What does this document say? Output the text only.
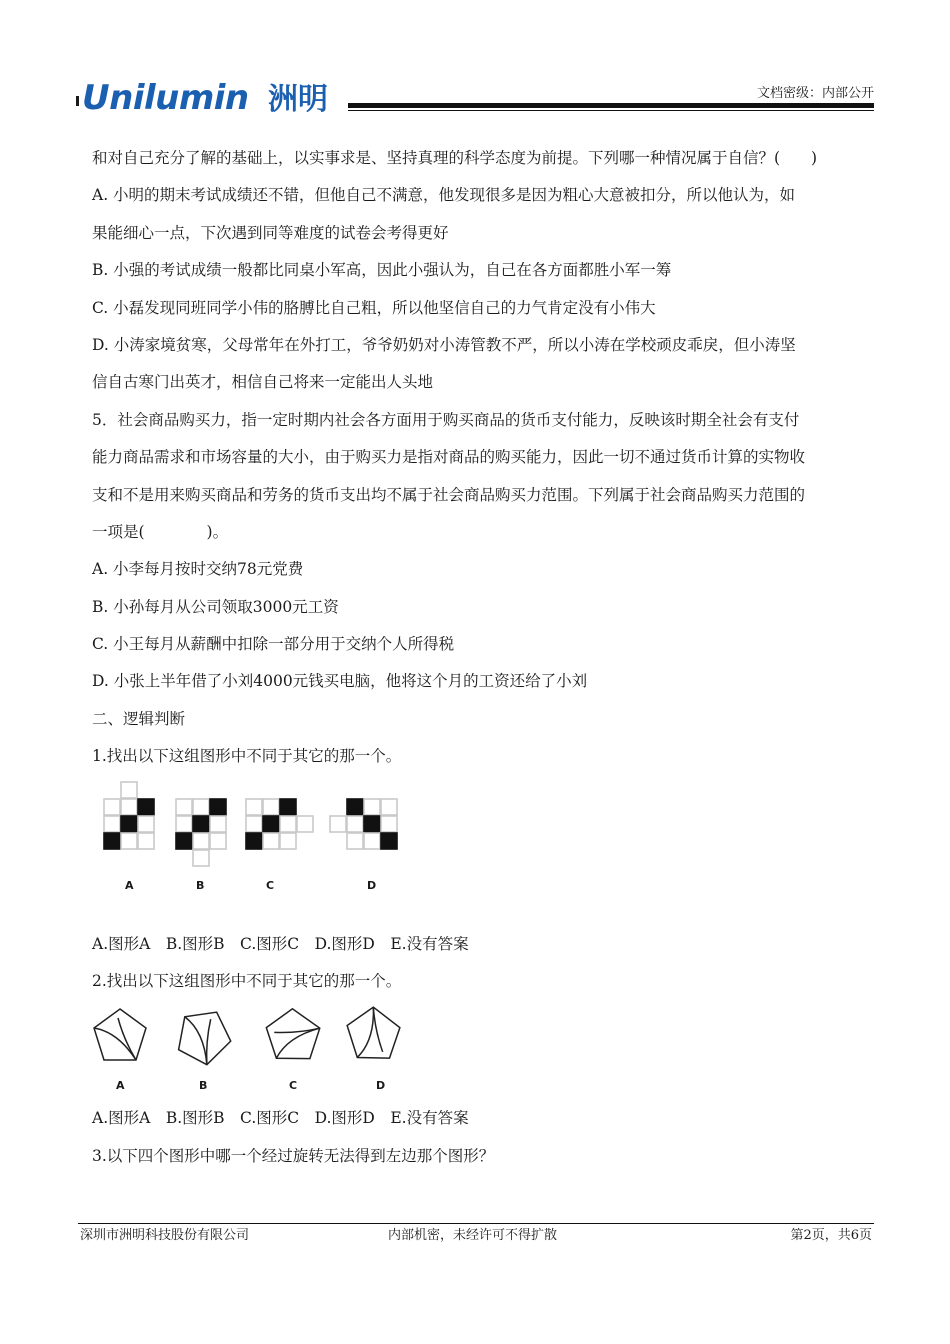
Unilumin 洲明	文档密级：内部公开
和对自己充分了解的基础上，以实事求是、坚持真理的科学态度为前提。下列哪一种情况属于自信？(　　)
A. 小明的期末考试成绩还不错，但他自己不满意，他发现很多是因为粗心大意被扣分，所以他认为，如
果能细心一点，下次遇到同等难度的试卷会考得更好
B. 小强的考试成绩一般都比同桌小军高，因此小强认为，自己在各方面都胜小军一筹
C. 小磊发现同班同学小伟的胳膊比自己粗，所以他坚信自己的力气肯定没有小伟大
D. 小涛家境贫寒，父母常年在外打工，爷爷奶奶对小涛管教不严，所以小涛在学校顽皮乖戾，但小涛坚
信自古寒门出英才，相信自己将来一定能出人头地
5．社会商品购买力，指一定时期内社会各方面用于购买商品的货币支付能力，反映该时期全社会有支付
能力商品需求和市场容量的大小，由于购买力是指对商品的购买能力，因此一切不通过货币计算的实物收
支和不是用来购买商品和劳务的货币支出均不属于社会商品购买力范围。下列属于社会商品购买力范围的
一项是(　　　　)。
A. 小李每月按时交纳78元党费
B. 小孙每月从公司领取3000元工资
C. 小王每月从薪酬中扣除一部分用于交纳个人所得税
D. 小张上半年借了小刘4000元钱买电脑，他将这个月的工资还给了小刘
二、逻辑判断
1.找出以下这组图形中不同于其它的那一个。
A	B	C	D
A.图形A　B.图形B　C.图形C　D.图形D　E.没有答案
2.找出以下这组图形中不同于其它的那一个。
A	B	C	D
A.图形A　B.图形B　C.图形C　D.图形D　E.没有答案
3.以下四个图形中哪一个经过旋转无法得到左边那个图形？
深圳市洲明科技股份有限公司	内部机密，未经许可不得扩散	第2页，共6页
